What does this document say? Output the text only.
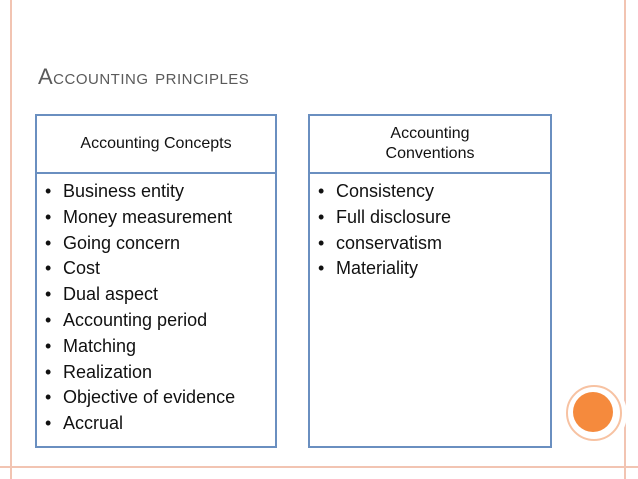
Accounting principles
Accounting Concepts
• Business entity
• Money measurement
• Going concern
• Cost
• Dual aspect
• Accounting period
• Matching
• Realization
• Objective of evidence
• Accrual
Accounting Conventions
• Consistency
• Full disclosure
• conservatism
• Materiality
